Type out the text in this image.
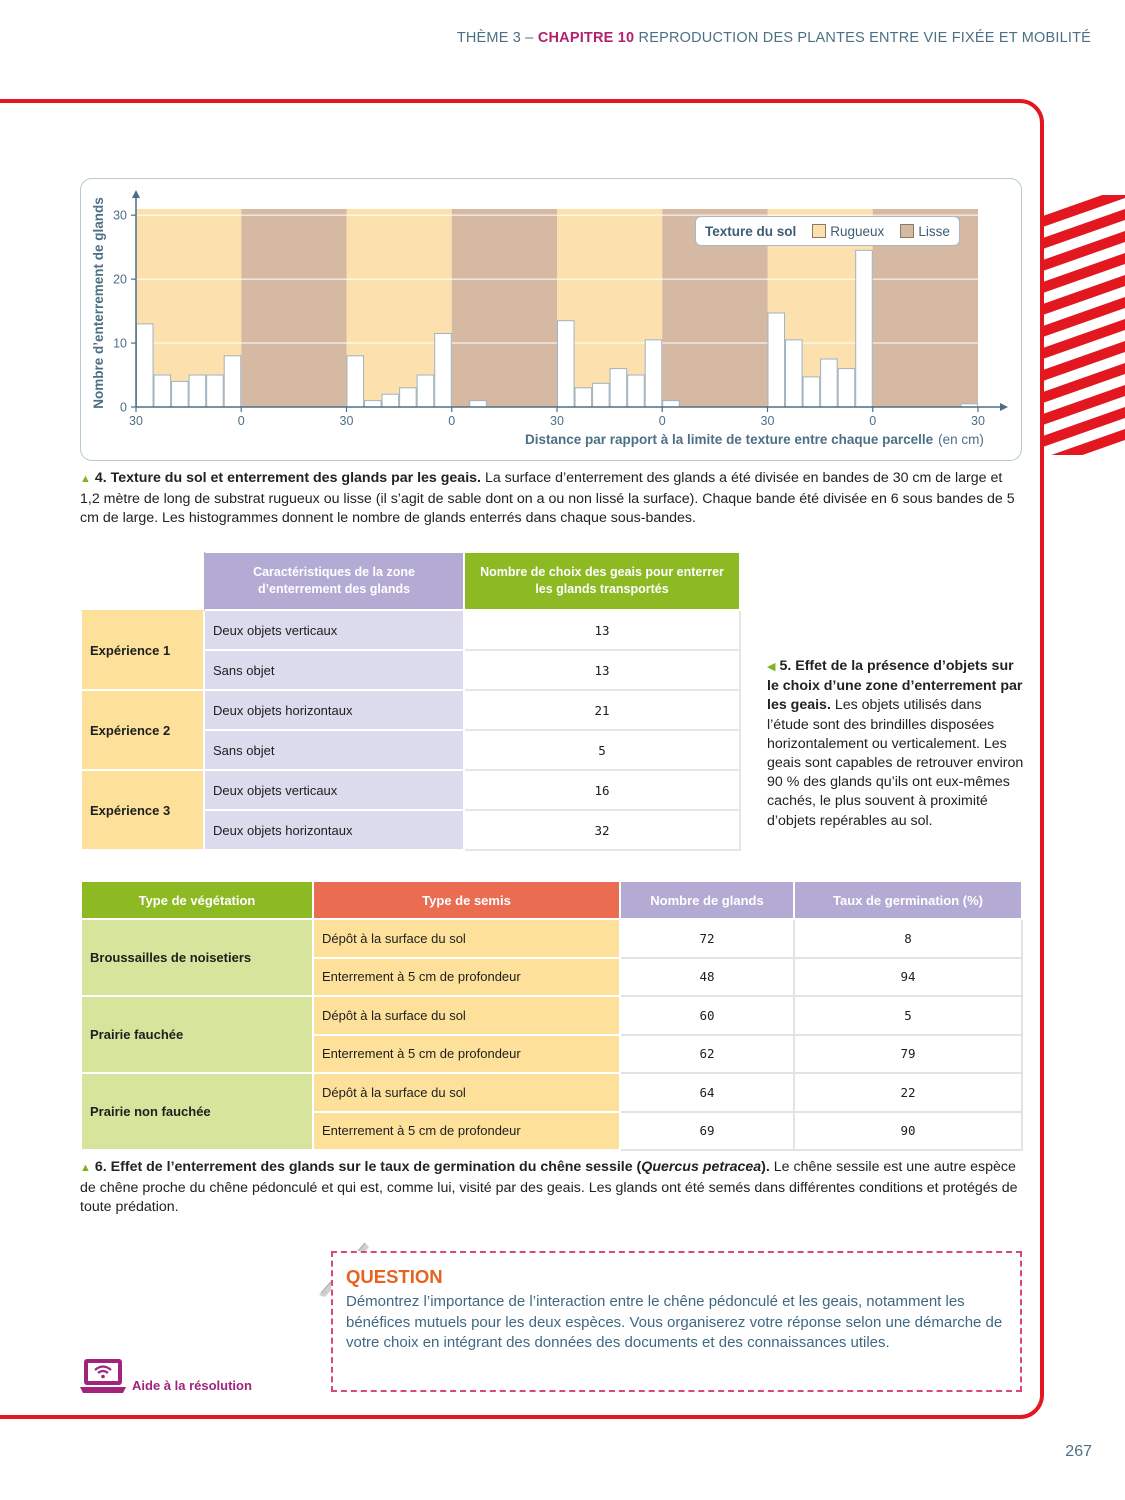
THÈME 3 – CHAPITRE 10 REPRODUCTION DES PLANTES ENTRE VIE FIXÉE ET MOBILITÉ
0
10
20
30
30	0	30	0	30	0	30	0	30
Nombre d’enterrement de glands
Distance par rapport à la limite de texture entre chaque parcelle (en cm)
Texture du sol	Rugueux	Lisse
▲ 4. Texture du sol et enterrement des glands par les geais. La surface d’enterrement des glands a été divisée en bandes de 30 cm de large et 1,2 mètre de long de substrat rugueux ou lisse (il s’agit de sable dont on a ou non lissé la surface). Chaque bande été divisée en 6 sous bandes de 5 cm de large. Les histogrammes donnent le nombre de glands enterrés dans chaque sous-bandes.
	Caractéristiques de la zone d’enterrement des glands	Nombre de choix des geais pour enterrer les glands transportés
Expérience 1	Deux objets verticaux	13
	Sans objet	13
Expérience 2	Deux objets horizontaux	21
	Sans objet	5
Expérience 3	Deux objets verticaux	16
	Deux objets horizontaux	32
◀ 5. Effet de la présence d’objets sur le choix d’une zone d’enterrement par les geais. Les objets utilisés dans l’étude sont des brindilles disposées horizontalement ou verticalement. Les geais sont capables de retrouver environ 90 % des glands qu’ils ont eux-mêmes cachés, le plus souvent à proximité d’objets repérables au sol.
Type de végétation	Type de semis	Nombre de glands	Taux de germination (%)
Broussailles de noisetiers	Dépôt à la surface du sol	72	8
	Enterrement à 5 cm de profondeur	48	94
Prairie fauchée	Dépôt à la surface du sol	60	5
	Enterrement à 5 cm de profondeur	62	79
Prairie non fauchée	Dépôt à la surface du sol	64	22
	Enterrement à 5 cm de profondeur	69	90
▲ 6. Effet de l’enterrement des glands sur le taux de germination du chêne sessile (Quercus petracea). Le chêne sessile est une autre espèce de chêne proche du chêne pédonculé et qui est, comme lui, visité par des geais. Les glands ont été semés dans différentes conditions et protégés de toute prédation.
QUESTION
Démontrez l’importance de l’interaction entre le chêne pédonculé et les geais, notamment les bénéfices mutuels pour les deux espèces. Vous organiserez votre réponse selon une démarche de votre choix en intégrant des données des documents et des connaissances utiles.
Aide à la résolution
267
